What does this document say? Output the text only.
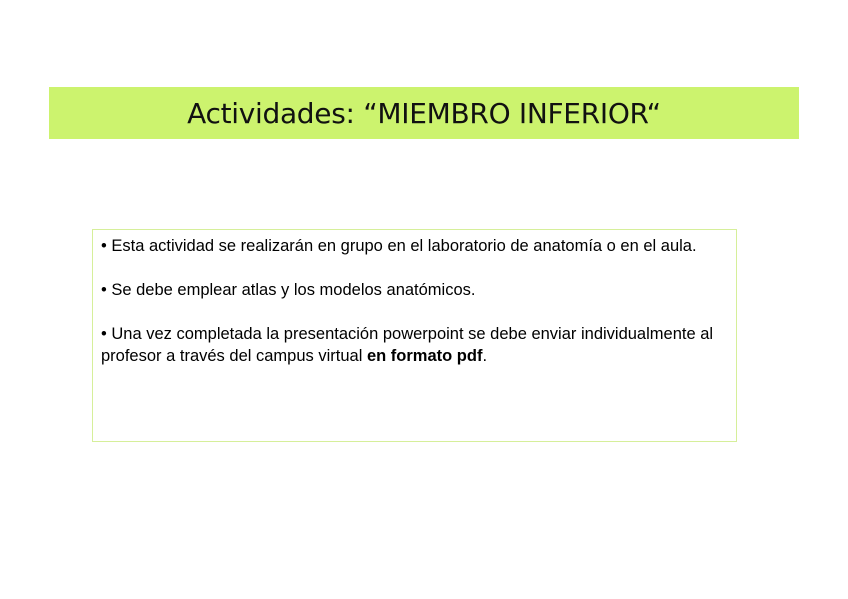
Actividades: “MIEMBRO INFERIOR“

• Esta actividad se realizarán en grupo en el laboratorio de anatomía o en el aula.

• Se debe emplear atlas y los modelos anatómicos.

• Una vez completada la presentación powerpoint se debe enviar individualmente al profesor a través del campus virtual en formato pdf.
